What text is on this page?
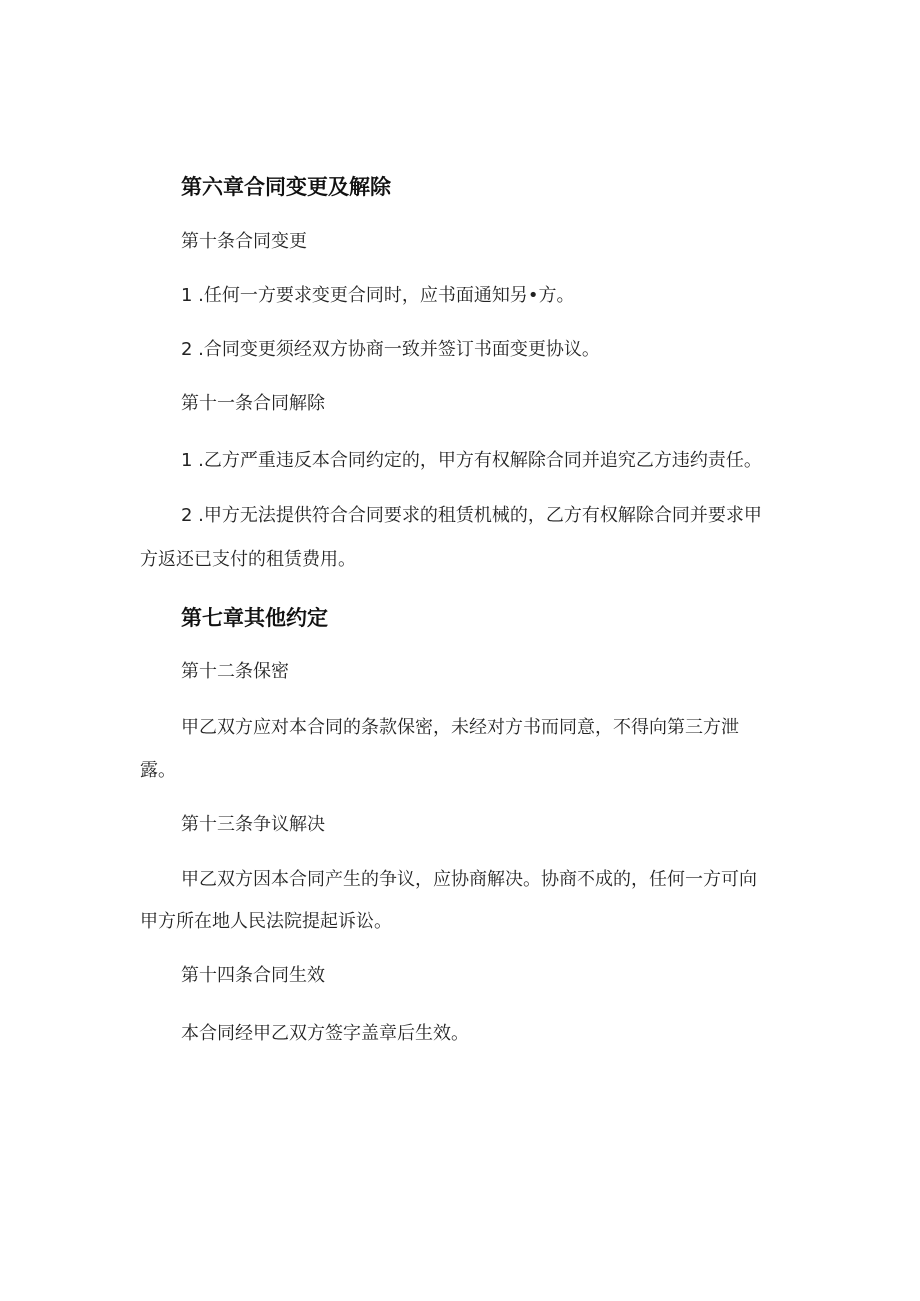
第六章合同变更及解除
第十条合同变更
1 .任何一方要求变更合同时，应书面通知另•方。
2 .合同变更须经双方协商一致并签订书面变更协议。
第十一条合同解除
1 .乙方严重违反本合同约定的，甲方有权解除合同并追究乙方违约责任。
2 .甲方无法提供符合合同要求的租赁机械的，乙方有权解除合同并要求甲
方返还已支付的租赁费用。
第七章其他约定
第十二条保密
甲乙双方应对本合同的条款保密，未经对方书而同意，不得向第三方泄
露。
第十三条争议解决
甲乙双方因本合同产生的争议，应协商解决。协商不成的，任何一方可向
甲方所在地人民法院提起诉讼。
第十四条合同生效
本合同经甲乙双方签字盖章后生效。
